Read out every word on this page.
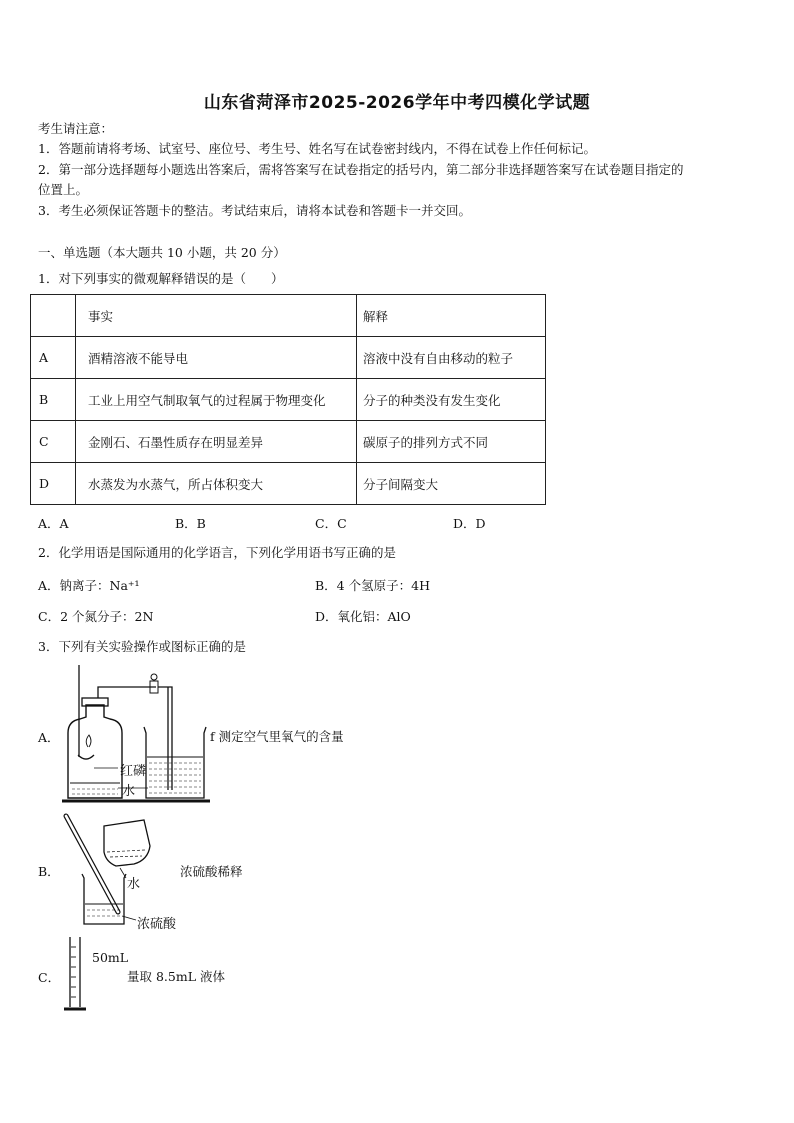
山东省菏泽市2025-2026学年中考四模化学试题
考生请注意：
1．答题前请将考场、试室号、座位号、考生号、姓名写在试卷密封线内，不得在试卷上作任何标记。
2．第一部分选择题每小题选出答案后，需将答案写在试卷指定的括号内，第二部分非选择题答案写在试卷题目指定的
位置上。
3．考生必须保证答题卡的整洁。考试结束后，请将本试卷和答题卡一并交回。
一、单选题（本大题共 10 小题，共 20 分）
1．对下列事实的微观解释错误的是（　　）
	事实	解释
A	酒精溶液不能导电	溶液中没有自由移动的粒子
B	工业上用空气制取氧气的过程属于物理变化	分子的种类没有发生变化
C	金刚石、石墨性质存在明显差异	碳原子的排列方式不同
D	水蒸发为水蒸气，所占体积变大	分子间隔变大
A．A	B．B	C．C	D．D
2．化学用语是国际通用的化学语言，下列化学用语书写正确的是
A．钠离子：Na⁺¹	B．4 个氢原子：4H
C．2 个氮分子：2N	D．氧化铝：AlO
3．下列有关实验操作或图标正确的是
A．
红磷
水
f 测定空气里氧气的含量
B．
水
浓硫酸
浓硫酸稀释
C．
50mL
量取 8.5mL 液体
